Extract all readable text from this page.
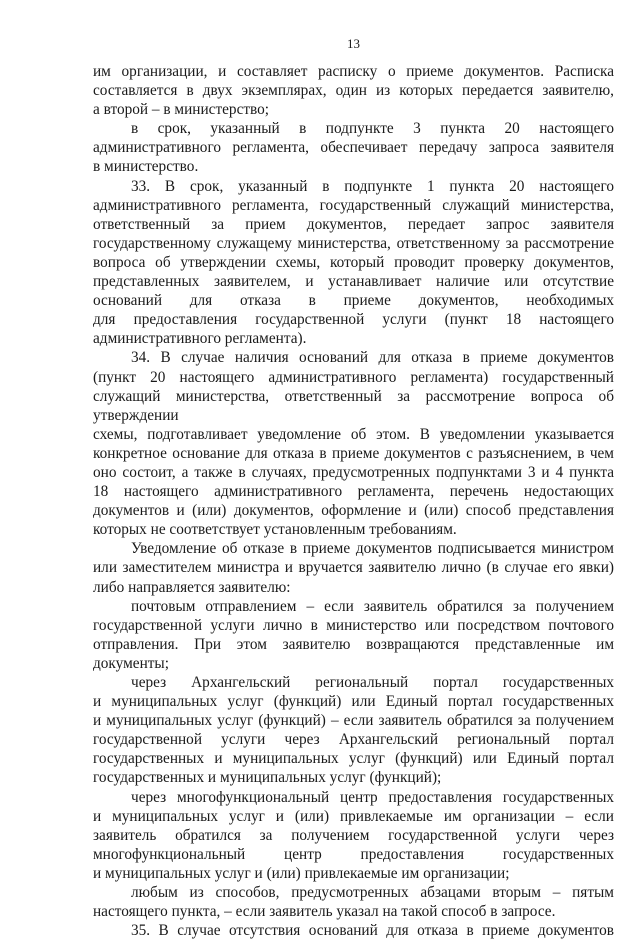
13

им организации, и составляет расписку о приеме документов. Расписка

составляется в двух экземплярах, один из которых передается заявителю,

а второй – в министерство;

в срок, указанный в подпункте 3 пункта 20 настоящего

административного регламента, обеспечивает передачу запроса заявителя

в министерство.

33. В срок, указанный в подпункте 1 пункта 20 настоящего

административного регламента, государственный служащий министерства,

ответственный за прием документов, передает запрос заявителя

государственному служащему министерства, ответственному за рассмотрение

вопроса об утверждении схемы, который проводит проверку документов,

представленных заявителем, и устанавливает наличие или отсутствие

оснований для отказа в приеме документов, необходимых

для предоставления государственной услуги (пункт 18 настоящего

административного регламента).

34. В случае наличия оснований для отказа в приеме документов

(пункт 20 настоящего административного регламента) государственный

служащий министерства, ответственный за рассмотрение вопроса об утверждении

схемы, подготавливает уведомление об этом. В уведомлении указывается

конкретное основание для отказа в приеме документов с разъяснением, в чем

оно состоит, а также в случаях, предусмотренных подпунктами 3 и 4 пункта

18 настоящего административного регламента, перечень недостающих

документов и (или) документов, оформление и (или) способ представления

которых не соответствует установленным требованиям.

Уведомление об отказе в приеме документов подписывается министром

или заместителем министра и вручается заявителю лично (в случае его явки)

либо направляется заявителю:

почтовым отправлением – если заявитель обратился за получением

государственной услуги лично в министерство или посредством почтового

отправления. При этом заявителю возвращаются представленные им документы;

через Архангельский региональный портал государственных

и муниципальных услуг (функций) или Единый портал государственных

и муниципальных услуг (функций) – если заявитель обратился за получением

государственной услуги через Архангельский региональный портал

государственных и муниципальных услуг (функций) или Единый портал

государственных и муниципальных услуг (функций);

через многофункциональный центр предоставления государственных

и муниципальных услуг и (или) привлекаемые им организации – если

заявитель обратился за получением государственной услуги через

многофункциональный центр предоставления государственных

и муниципальных услуг и (или) привлекаемые им организации;

любым из способов, предусмотренных абзацами вторым – пятым

настоящего пункта, – если заявитель указал на такой способ в запросе.

35. В случае отсутствия оснований для отказа в приеме документов
